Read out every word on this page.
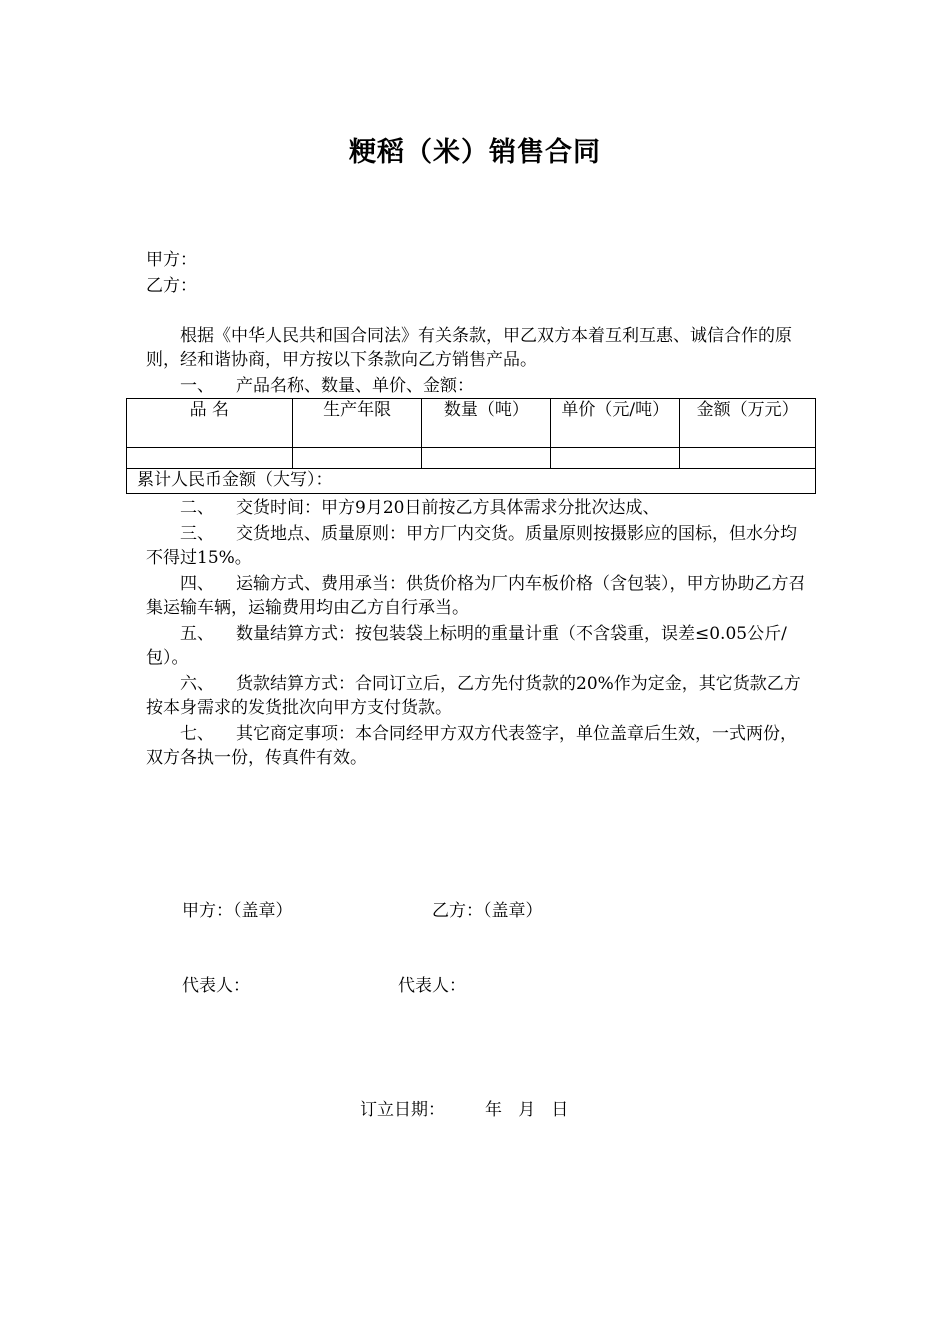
粳稻（米）销售合同
甲方：
乙方：
根据《中华人民共和国合同法》有关条款，甲乙双方本着互利互惠、诚信合作的原则，经和谐协商，甲方按以下条款向乙方销售产品。
一、 产品名称、数量、单价、金额：
品 名	生产年限	数量（吨）	单价（元/吨）	金额（万元）

累计人民币金额（大写）：				
二、 交货时间：甲方9月20日前按乙方具体需求分批次达成、
三、 交货地点、质量原则：甲方厂内交货。质量原则按摄影应的国标，但水分均不得过15%。
四、 运输方式、费用承当：供货价格为厂内车板价格（含包装），甲方协助乙方召集运输车辆，运输费用均由乙方自行承当。
五、 数量结算方式：按包装袋上标明的重量计重（不含袋重，误差≤0.05公斤/包）。
六、 货款结算方式：合同订立后，乙方先付货款的20%作为定金，其它货款乙方按本身需求的发货批次向甲方支付货款。
七、 其它商定事项：本合同经甲方双方代表签字，单位盖章后生效，一式两份，双方各执一份，传真件有效。
甲方：（盖章）	乙方：（盖章）
代表人：	代表人：
订立日期： 年   月   日
